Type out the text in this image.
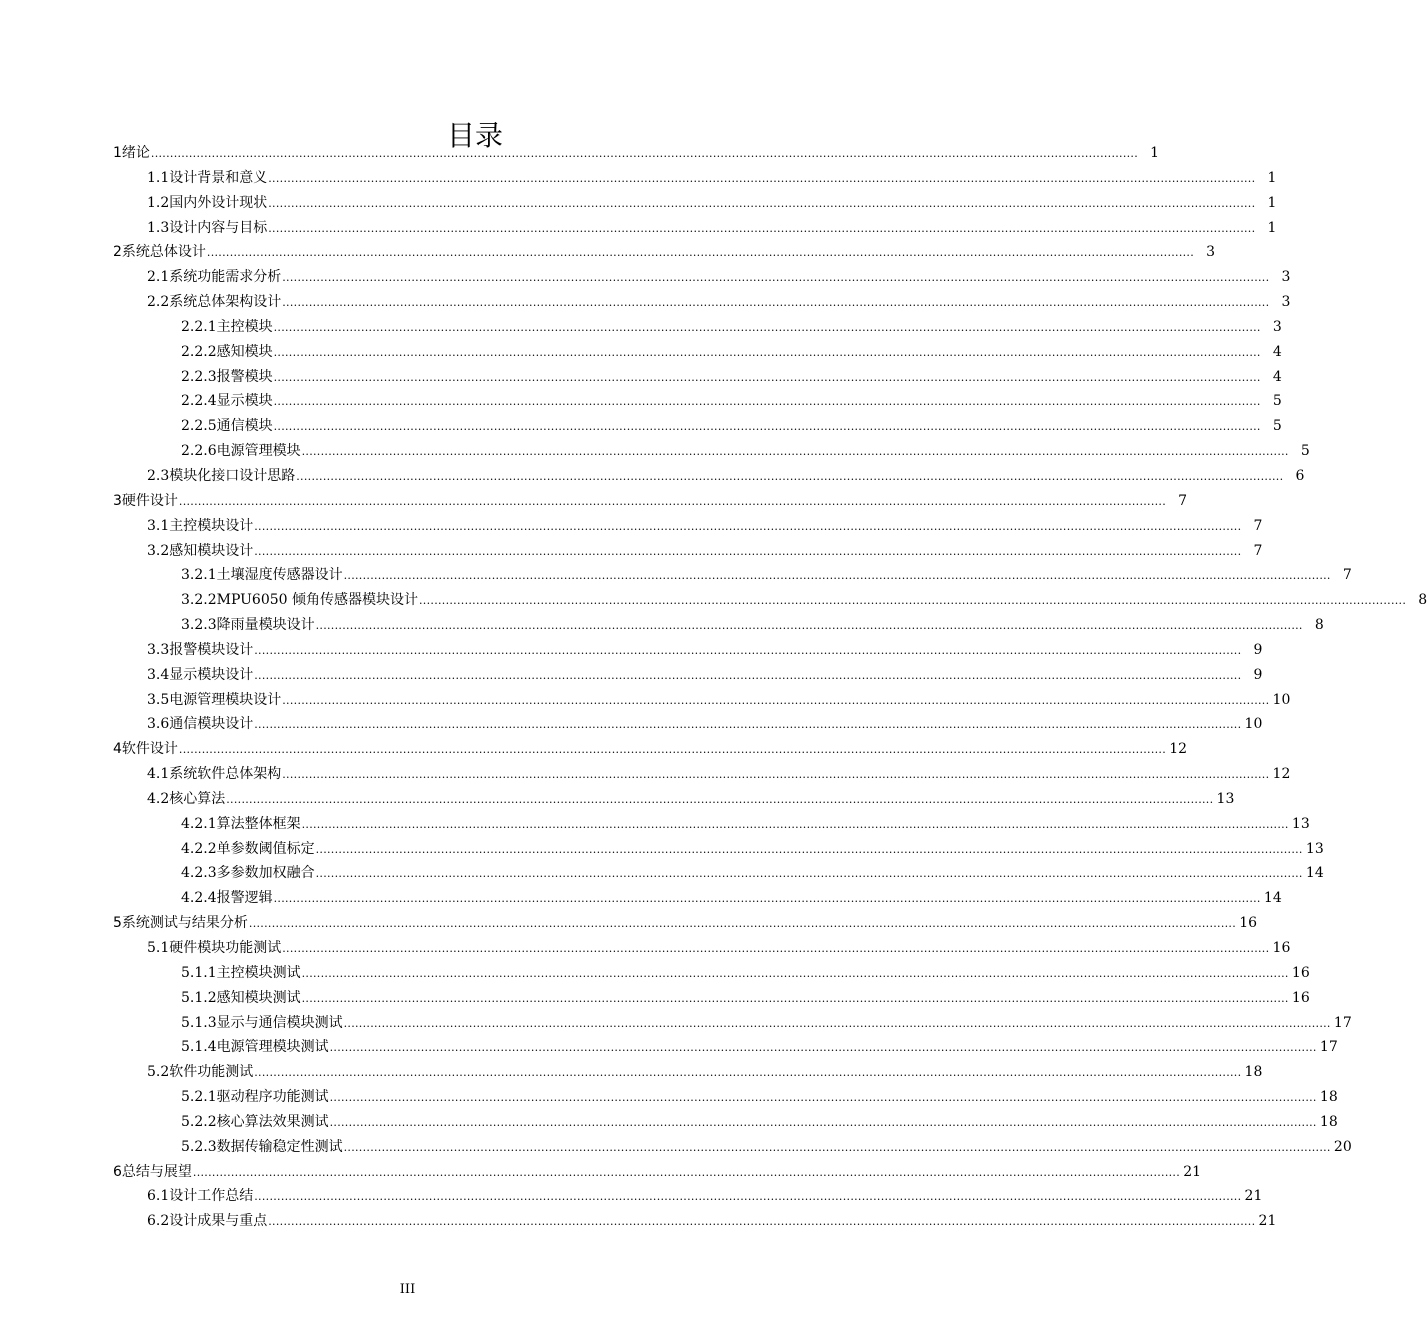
目录
1 绪论 .................................................................................................................................................................................................................................................................... 1
1.1 设计背景和意义 .................................................................................................................................................................................................................................................................... 1
1.2 国内外设计现状 .................................................................................................................................................................................................................................................................... 1
1.3 设计内容与目标 .................................................................................................................................................................................................................................................................... 1
2 系统总体设计 .................................................................................................................................................................................................................................................................... 3
2.1 系统功能需求分析 .................................................................................................................................................................................................................................................................... 3
2.2 系统总体架构设计 .................................................................................................................................................................................................................................................................... 3
2.2.1 主控模块 .................................................................................................................................................................................................................................................................... 3
2.2.2 感知模块 .................................................................................................................................................................................................................................................................... 4
2.2.3 报警模块 .................................................................................................................................................................................................................................................................... 4
2.2.4 显示模块 .................................................................................................................................................................................................................................................................... 5
2.2.5 通信模块 .................................................................................................................................................................................................................................................................... 5
2.2.6 电源管理模块 .................................................................................................................................................................................................................................................................... 5
2.3 模块化接口设计思路 .................................................................................................................................................................................................................................................................... 6
3 硬件设计 .................................................................................................................................................................................................................................................................... 7
3.1 主控模块设计 .................................................................................................................................................................................................................................................................... 7
3.2 感知模块设计 .................................................................................................................................................................................................................................................................... 7
3.2.1 土壤湿度传感器设计 .................................................................................................................................................................................................................................................................... 7
3.2.2 MPU6050 倾角传感器模块设计 .................................................................................................................................................................................................................................................................... 8
3.2.3 降雨量模块设计 .................................................................................................................................................................................................................................................................... 8
3.3 报警模块设计 .................................................................................................................................................................................................................................................................... 9
3.4 显示模块设计 .................................................................................................................................................................................................................................................................... 9
3.5 电源管理模块设计 .................................................................................................................................................................................................................................................................... 10
3.6 通信模块设计 .................................................................................................................................................................................................................................................................... 10
4 软件设计 .................................................................................................................................................................................................................................................................... 12
4.1 系统软件总体架构 .................................................................................................................................................................................................................................................................... 12
4.2 核心算法 .................................................................................................................................................................................................................................................................... 13
4.2.1 算法整体框架 .................................................................................................................................................................................................................................................................... 13
4.2.2 单参数阈值标定 .................................................................................................................................................................................................................................................................... 13
4.2.3 多参数加权融合 .................................................................................................................................................................................................................................................................... 14
4.2.4 报警逻辑 .................................................................................................................................................................................................................................................................... 14
5 系统测试与结果分析 .................................................................................................................................................................................................................................................................... 16
5.1 硬件模块功能测试 .................................................................................................................................................................................................................................................................... 16
5.1.1 主控模块测试 .................................................................................................................................................................................................................................................................... 16
5.1.2 感知模块测试 .................................................................................................................................................................................................................................................................... 16
5.1.3 显示与通信模块测试 .................................................................................................................................................................................................................................................................... 17
5.1.4 电源管理模块测试 .................................................................................................................................................................................................................................................................... 17
5.2 软件功能测试 .................................................................................................................................................................................................................................................................... 18
5.2.1 驱动程序功能测试 .................................................................................................................................................................................................................................................................... 18
5.2.2 核心算法效果测试 .................................................................................................................................................................................................................................................................... 18
5.2.3 数据传输稳定性测试 .................................................................................................................................................................................................................................................................... 20
6 总结与展望 .................................................................................................................................................................................................................................................................... 21
6.1 设计工作总结 .................................................................................................................................................................................................................................................................... 21
6.2 设计成果与重点 .................................................................................................................................................................................................................................................................... 21
III
